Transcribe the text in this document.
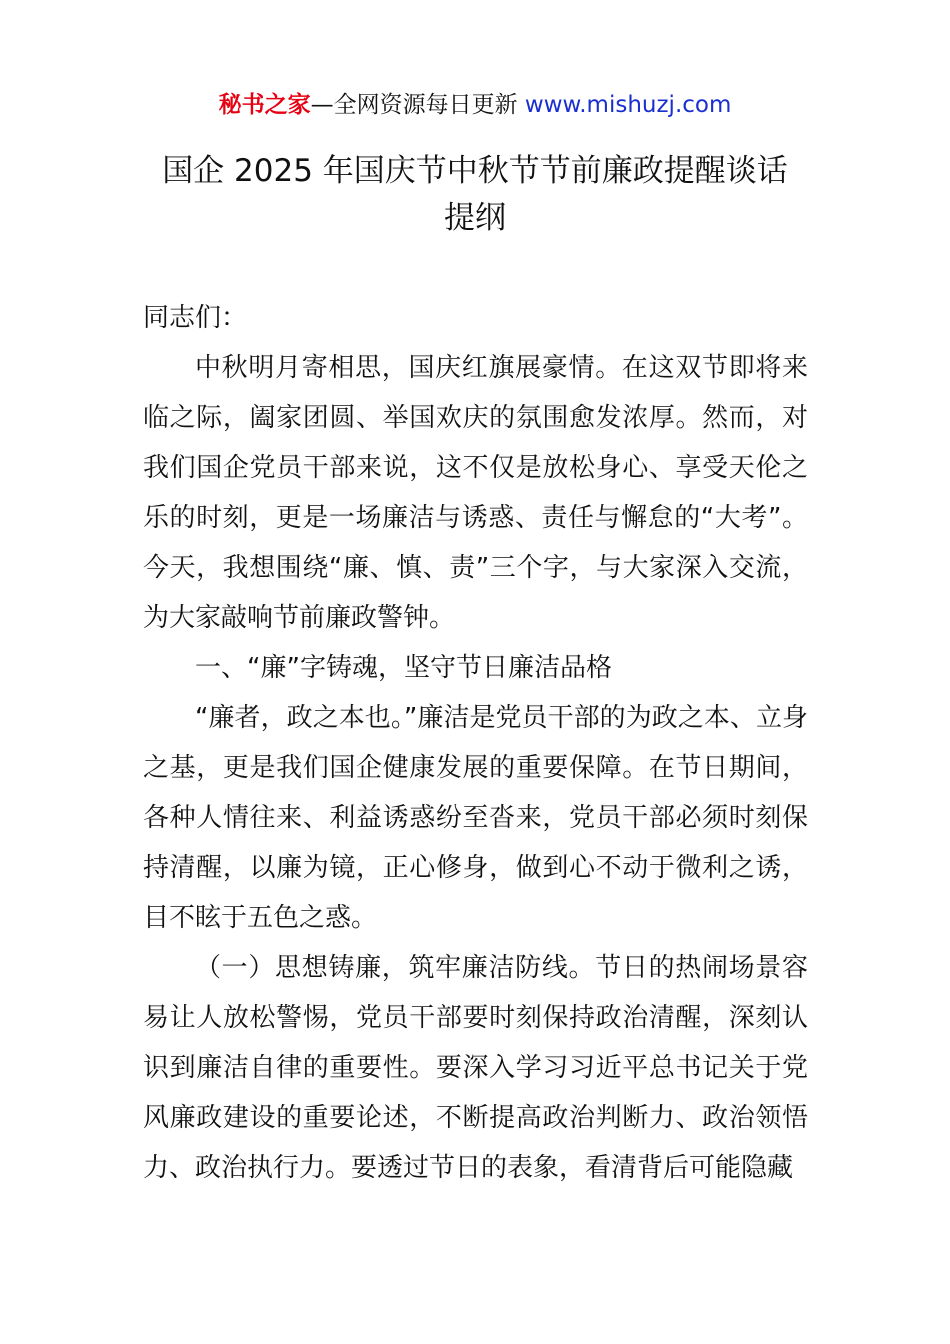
秘书之家—全网资源每日更新 www.mishuzj.com
国企 2025 年国庆节中秋节节前廉政提醒谈话
提纲

同志们：

中秋明月寄相思，国庆红旗展豪情。在这双节即将来临之际，阖家团圆、举国欢庆的氛围愈发浓厚。然而，对我们国企党员干部来说，这不仅是放松身心、享受天伦之乐的时刻，更是一场廉洁与诱惑、责任与懈怠的“大考”。今天，我想围绕“廉、慎、责”三个字，与大家深入交流，为大家敲响节前廉政警钟。

一、“廉”字铸魂，坚守节日廉洁品格

“廉者，政之本也。”廉洁是党员干部的为政之本、立身之基，更是我们国企健康发展的重要保障。在节日期间，各种人情往来、利益诱惑纷至沓来，党员干部必须时刻保持清醒，以廉为镜，正心修身，做到心不动于微利之诱，目不眩于五色之惑。

（一）思想铸廉，筑牢廉洁防线。节日的热闹场景容易让人放松警惕，党员干部要时刻保持政治清醒，深刻认识到廉洁自律的重要性。要深入学习习近平总书记关于党风廉政建设的重要论述，不断提高政治判断力、政治领悟力、政治执行力。要透过节日的表象，看清背后可能隐藏
